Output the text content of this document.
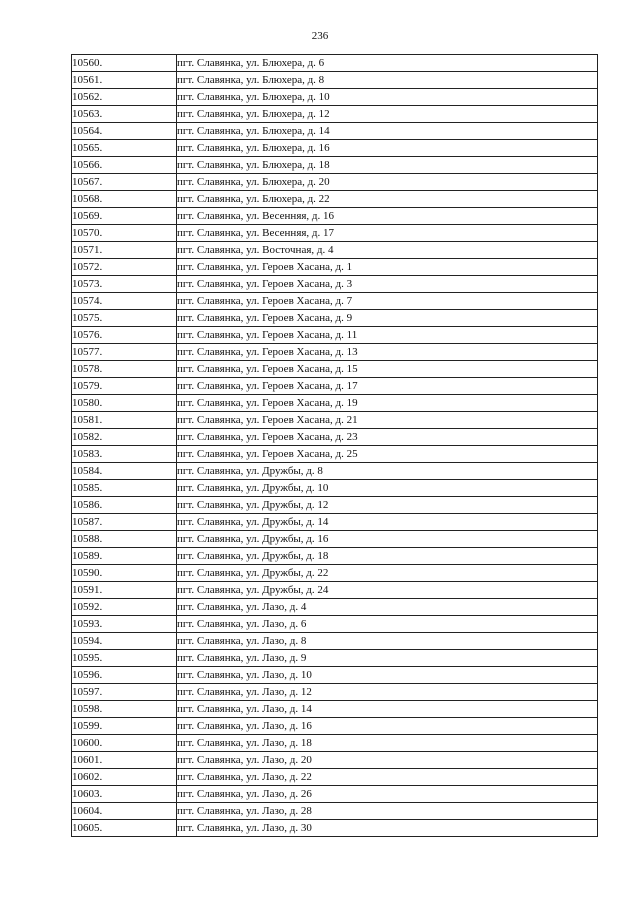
236
10560.	пгт. Славянка, ул. Блюхера, д. 6
10561.	пгт. Славянка, ул. Блюхера, д. 8
10562.	пгт. Славянка, ул. Блюхера, д. 10
10563.	пгт. Славянка, ул. Блюхера, д. 12
10564.	пгт. Славянка, ул. Блюхера, д. 14
10565.	пгт. Славянка, ул. Блюхера, д. 16
10566.	пгт. Славянка, ул. Блюхера, д. 18
10567.	пгт. Славянка, ул. Блюхера, д. 20
10568.	пгт. Славянка, ул. Блюхера, д. 22
10569.	пгт. Славянка, ул. Весенняя, д. 16
10570.	пгт. Славянка, ул. Весенняя, д. 17
10571.	пгт. Славянка, ул. Восточная, д. 4
10572.	пгт. Славянка, ул. Героев Хасана, д. 1
10573.	пгт. Славянка, ул. Героев Хасана, д. 3
10574.	пгт. Славянка, ул. Героев Хасана, д. 7
10575.	пгт. Славянка, ул. Героев Хасана, д. 9
10576.	пгт. Славянка, ул. Героев Хасана, д. 11
10577.	пгт. Славянка, ул. Героев Хасана, д. 13
10578.	пгт. Славянка, ул. Героев Хасана, д. 15
10579.	пгт. Славянка, ул. Героев Хасана, д. 17
10580.	пгт. Славянка, ул. Героев Хасана, д. 19
10581.	пгт. Славянка, ул. Героев Хасана, д. 21
10582.	пгт. Славянка, ул. Героев Хасана, д. 23
10583.	пгт. Славянка, ул. Героев Хасана, д. 25
10584.	пгт. Славянка, ул. Дружбы, д. 8
10585.	пгт. Славянка, ул. Дружбы, д. 10
10586.	пгт. Славянка, ул. Дружбы, д. 12
10587.	пгт. Славянка, ул. Дружбы, д. 14
10588.	пгт. Славянка, ул. Дружбы, д. 16
10589.	пгт. Славянка, ул. Дружбы, д. 18
10590.	пгт. Славянка, ул. Дружбы, д. 22
10591.	пгт. Славянка, ул. Дружбы, д. 24
10592.	пгт. Славянка, ул. Лазо, д. 4
10593.	пгт. Славянка, ул. Лазо, д. 6
10594.	пгт. Славянка, ул. Лазо, д. 8
10595.	пгт. Славянка, ул. Лазо, д. 9
10596.	пгт. Славянка, ул. Лазо, д. 10
10597.	пгт. Славянка, ул. Лазо, д. 12
10598.	пгт. Славянка, ул. Лазо, д. 14
10599.	пгт. Славянка, ул. Лазо, д. 16
10600.	пгт. Славянка, ул. Лазо, д. 18
10601.	пгт. Славянка, ул. Лазо, д. 20
10602.	пгт. Славянка, ул. Лазо, д. 22
10603.	пгт. Славянка, ул. Лазо, д. 26
10604.	пгт. Славянка, ул. Лазо, д. 28
10605.	пгт. Славянка, ул. Лазо, д. 30
